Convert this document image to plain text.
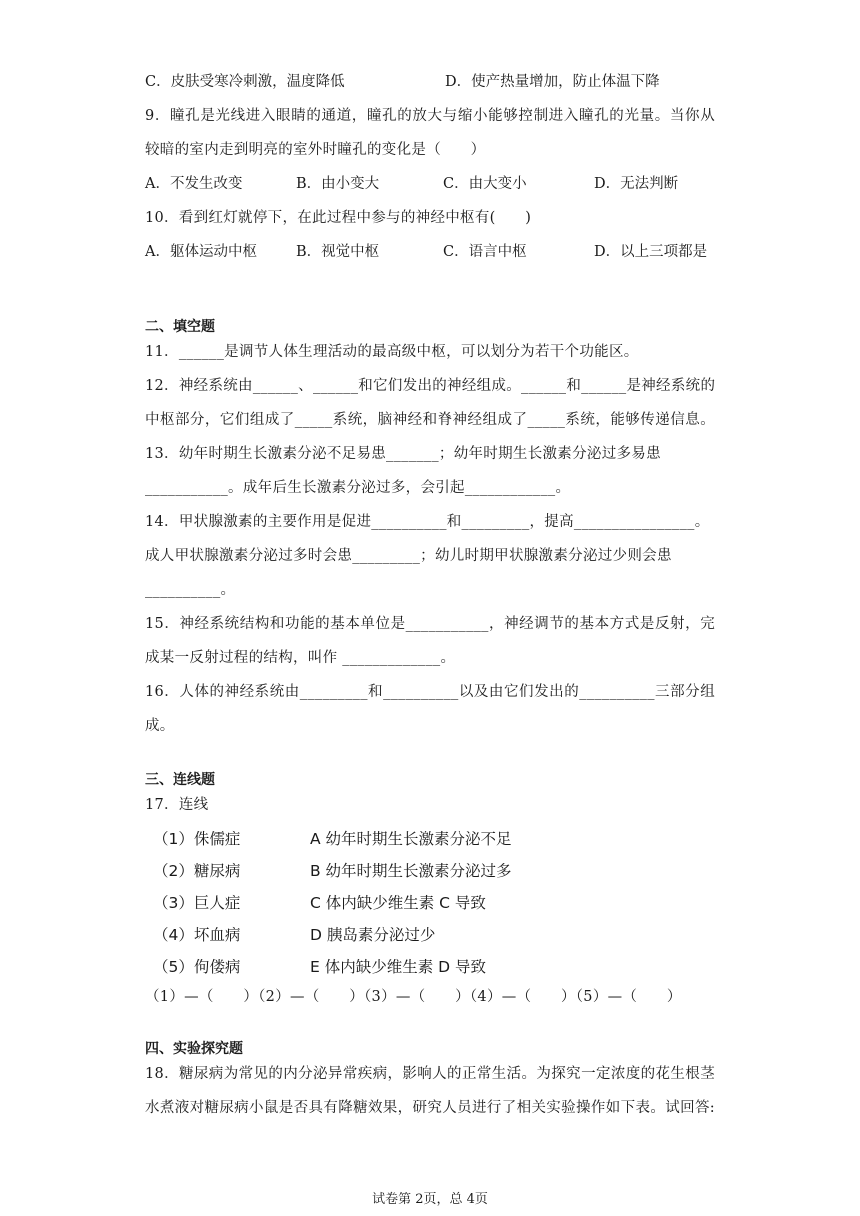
C．皮肤受寒冷刺激，温度降低	D．使产热量增加，防止体温下降
9．瞳孔是光线进入眼睛的通道，瞳孔的放大与缩小能够控制进入瞳孔的光量。当你从
较暗的室内走到明亮的室外时瞳孔的变化是（　　）
A．不发生改变	B．由小变大	C．由大变小	D．无法判断
10．看到红灯就停下，在此过程中参与的神经中枢有(　　)
A．躯体运动中枢	B．视觉中枢	C．语言中枢	D．以上三项都是
二、填空题
11．______是调节人体生理活动的最高级中枢，可以划分为若干个功能区。
12．神经系统由______、______和它们发出的神经组成。______和______是神经系统的
中枢部分，它们组成了_____系统，脑神经和脊神经组成了_____系统，能够传递信息。
13．幼年时期生长激素分泌不足易患_______；幼年时期生长激素分泌过多易患
___________。成年后生长激素分泌过多，会引起____________。
14．甲状腺激素的主要作用是促进__________和_________，提高________________。
成人甲状腺激素分泌过多时会患_________；幼儿时期甲状腺激素分泌过少则会患
__________。
15．神经系统结构和功能的基本单位是___________，神经调节的基本方式是反射，完
成某一反射过程的结构，叫作 _____________。
16．人体的神经系统由_________和__________以及由它们发出的__________三部分组
成。
三、连线题
17．连线
（1）侏儒症	A 幼年时期生长激素分泌不足
（2）糖尿病	B 幼年时期生长激素分泌过多
（3）巨人症	C 体内缺少维生素 C 导致
（4）坏血病	D 胰岛素分泌过少
（5）佝偻病	E 体内缺少维生素 D 导致
（1）—（　　）（2）—（　　）（3）—（　　）（4）—（　　）（5）—（　　）
四、实验探究题
18．糖尿病为常见的内分泌异常疾病，影响人的正常生活。为探究一定浓度的花生根茎
水煮液对糖尿病小鼠是否具有降糖效果，研究人员进行了相关实验操作如下表。试回答:
试卷第 2页，总 4页
